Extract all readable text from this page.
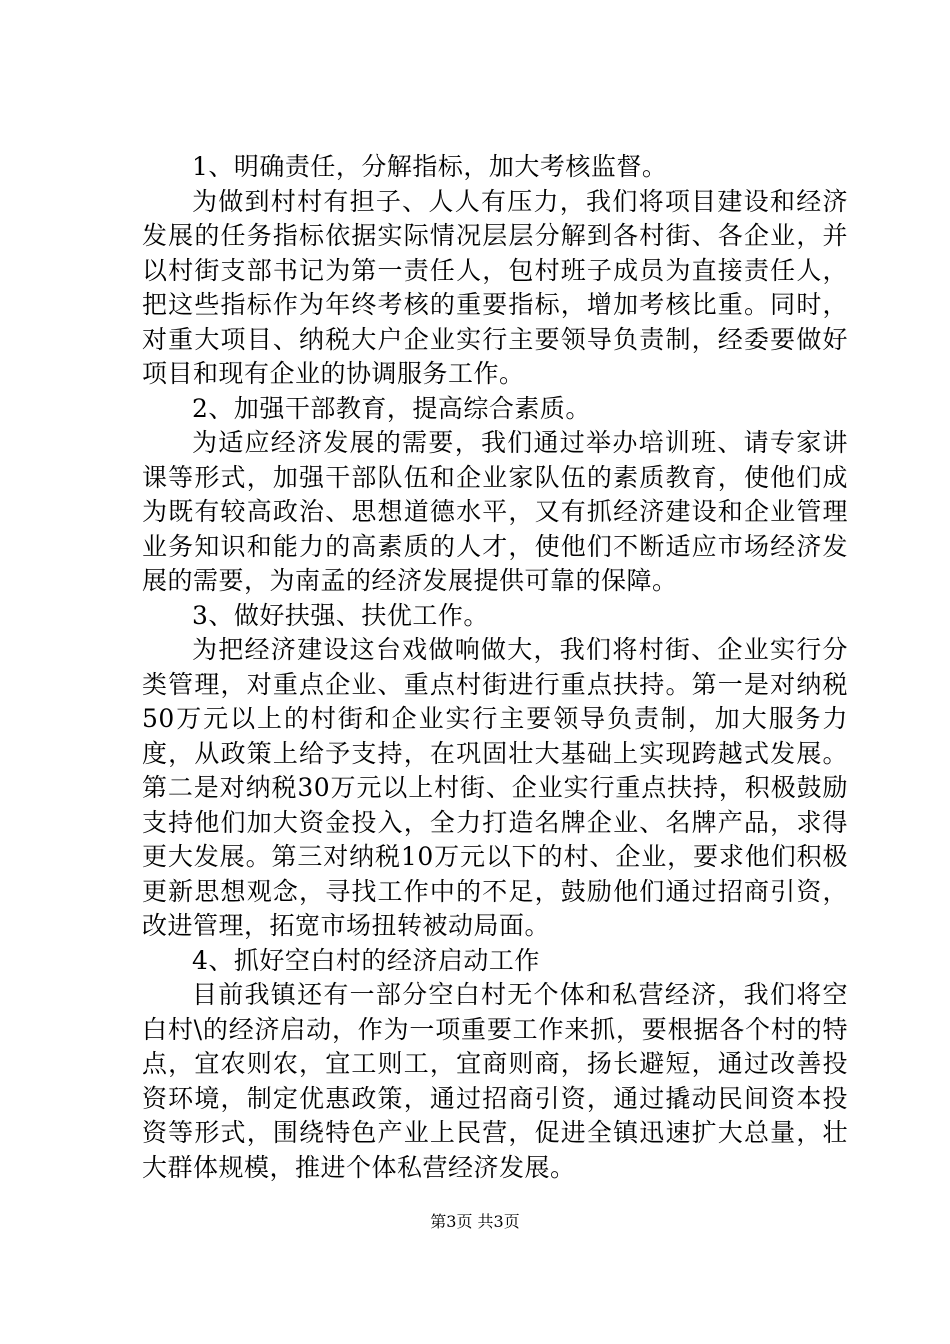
1、明确责任，分解指标，加大考核监督。

为做到村村有担子、人人有压力，我们将项目建设和经济发展的任务指标依据实际情况层层分解到各村街、各企业，并以村街支部书记为第一责任人，包村班子成员为直接责任人，把这些指标作为年终考核的重要指标，增加考核比重。同时，对重大项目、纳税大户企业实行主要领导负责制，经委要做好项目和现有企业的协调服务工作。

2、加强干部教育，提高综合素质。

为适应经济发展的需要，我们通过举办培训班、请专家讲课等形式，加强干部队伍和企业家队伍的素质教育，使他们成为既有较高政治、思想道德水平，又有抓经济建设和企业管理业务知识和能力的高素质的人才，使他们不断适应市场经济发展的需要，为南孟的经济发展提供可靠的保障。

3、做好扶强、扶优工作。

为把经济建设这台戏做响做大，我们将村街、企业实行分类管理，对重点企业、重点村街进行重点扶持。第一是对纳税50万元以上的村街和企业实行主要领导负责制，加大服务力度，从政策上给予支持，在巩固壮大基础上实现跨越式发展。第二是对纳税30万元以上村街、企业实行重点扶持，积极鼓励支持他们加大资金投入，全力打造名牌企业、名牌产品，求得更大发展。第三对纳税10万元以下的村、企业，要求他们积极更新思想观念，寻找工作中的不足，鼓励他们通过招商引资，改进管理，拓宽市场扭转被动局面。

4、抓好空白村的经济启动工作

目前我镇还有一部分空白村无个体和私营经济，我们将空白村\的经济启动，作为一项重要工作来抓，要根据各个村的特点，宜农则农，宜工则工，宜商则商，扬长避短，通过改善投资环境，制定优惠政策，通过招商引资，通过撬动民间资本投资等形式，围绕特色产业上民营，促进全镇迅速扩大总量，壮大群体规模，推进个体私营经济发展。

第3页 共3页
